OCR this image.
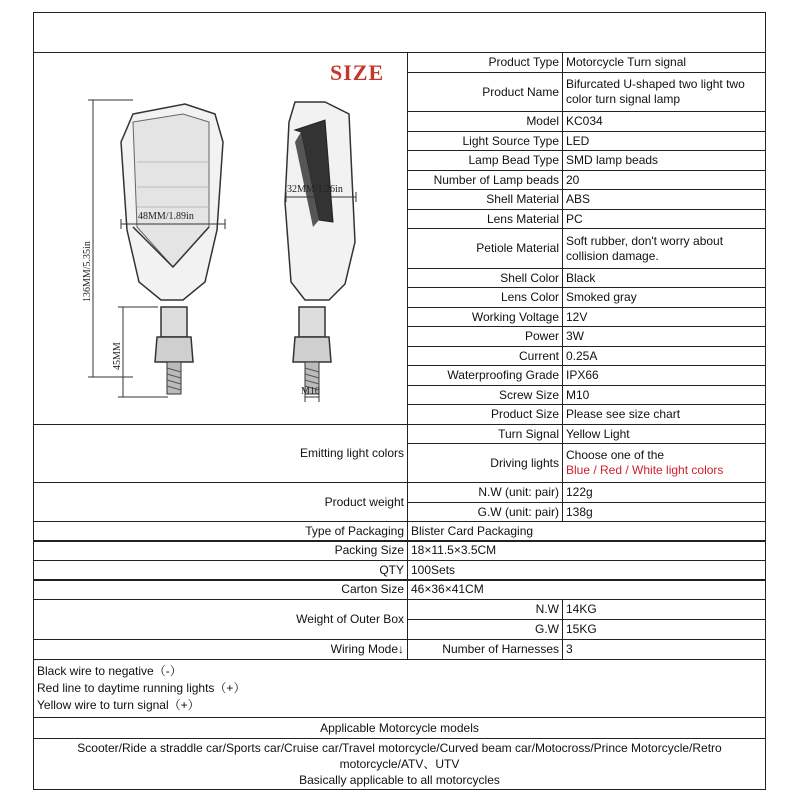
SIZE
136MM/5.35in
48MM/1.89in
32MM/1.26in
45MM
M10
Product Type Motorcycle Turn signal
Product Name
Bifurcated U-shaped two light two color turn signal lamp
Model KC034
Light Source Type LED
Lamp Bead Type SMD lamp beads
Number of Lamp beads 20
Shell Material ABS
Lens Material PC
Petiole Material
Soft rubber, don't worry about collision damage.
Shell Color Black
Lens Color Smoked gray
Working Voltage 12V
Power 3W
Current 0.25A
Waterproofing Grade IPX66
Screw Size M10
Product Size Please see size chart
Emitting light colors
Turn Signal Yellow Light
Driving lights
Choose one of the
Blue / Red / White light colors
Product weight
N.W (unit: pair) 122g
G.W (unit: pair) 138g
Type of Packaging Blister Card Packaging
Packing Size 18×11.5×3.5CM
QTY 100Sets
Carton Size 46×36×41CM
Weight of Outer Box
N.W 14KG
G.W 15KG
Wiring Mode↓	Number of Harnesses 3
Black wire to negative（-）
Red line to daytime running lights（+）
Yellow wire to turn signal（+）
Applicable Motorcycle models
Scooter/Ride a straddle car/Sports car/Cruise car/Travel motorcycle/Curved beam car/Motocross/Prince Motorcycle/Retro
motorcycle/ATV、UTV
Basically applicable to all motorcycles
